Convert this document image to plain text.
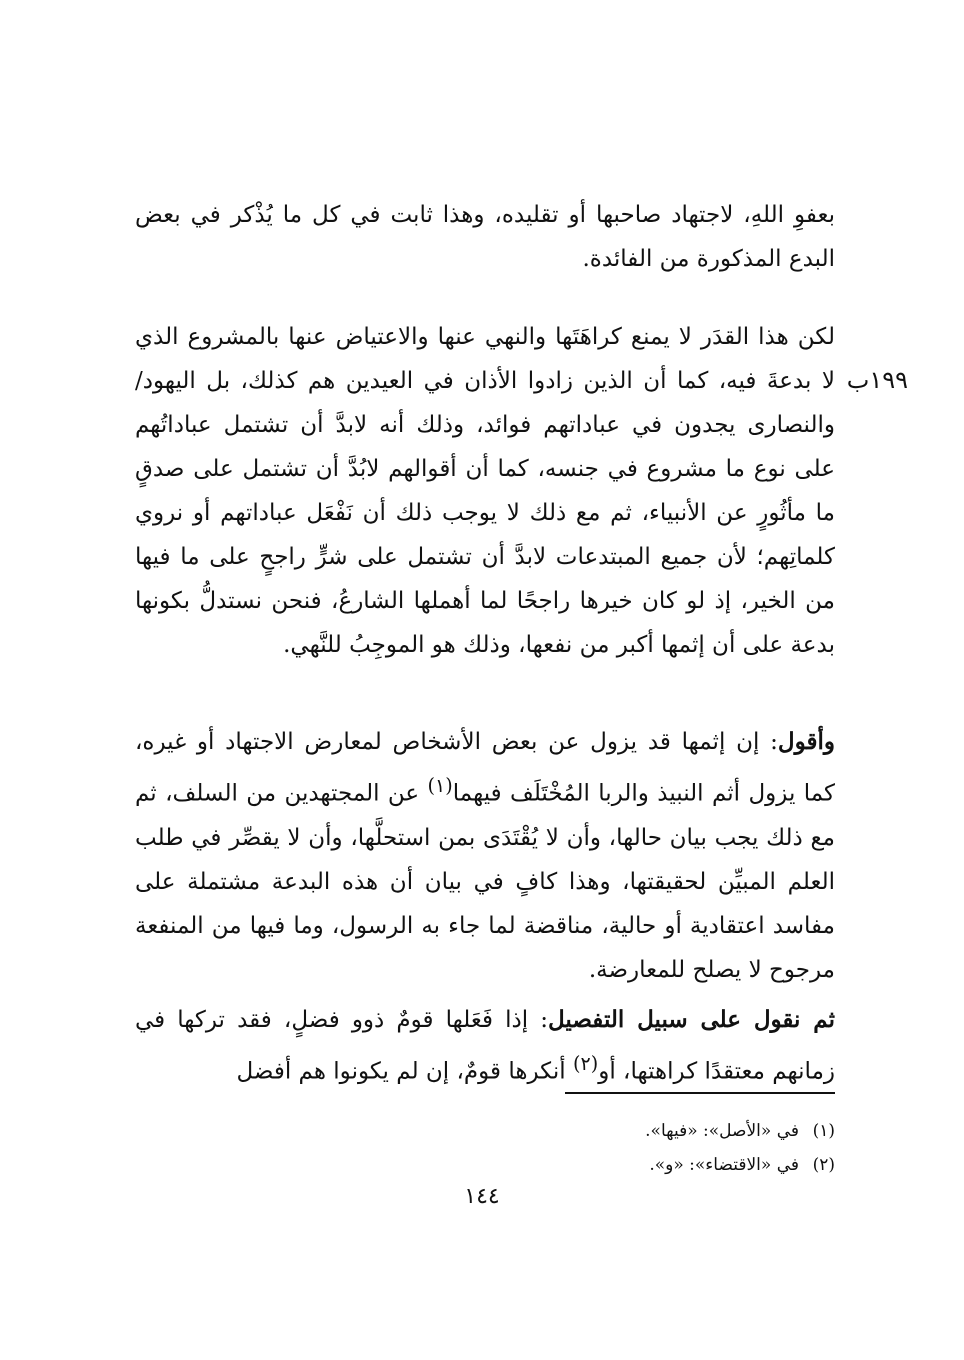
١٩٩ب

بعفوِ اللهِ، لاجتهاد صاحبها أو تقليده، وهذا ثابت في كل ما يُذْكر في بعض البدع المذكورة من الفائدة.

لكن هذا القدَر لا يمنع كراهَتَها والنهي عنها والاعتياض عنها بالمشروع الذي لا بدعةَ فيه، كما أن الذين زادوا الأذان في العيدين هم كذلك، بل اليهود/ والنصارى يجدون في عباداتهم فوائد، وذلك أنه لابدَّ أن تشتمل عباداتُهم على نوع ما مشروع في جنسه، كما أن أقوالهم لابُدَّ أن تشتمل على صدقٍ ما مأثُورٍ عن الأنبياء، ثم مع ذلك لا يوجب ذلك أن نَفْعَل عباداتهم أو نروي كلماتِهم؛ لأن جميع المبتدعات لابدَّ أن تشتمل على شرٍّ راجحٍ على ما فيها من الخير، إذ لو كان خيرها راجحًا لما أهملها الشارعُ، فنحن نستدلُّ بكونها بدعة على أن إثمها أكبر من نفعها، وذلك هو الموجِبُ للنَّهي.

وأقول: إن إثمها قد يزول عن بعض الأشخاص لمعارض الاجتهاد أو غيره، كما يزول أثم النبيذ والربا المُخْتَلَف فيهما$^{(١)}$ عن المجتهدين من السلف، ثم مع ذلك يجب بيان حالها، وأن لا يُقْتَدَى بمن استحلَّها، وأن لا يقصِّر في طلب العلم المبيِّن لحقيقتها، وهذا كافٍ في بيان أن هذه البدعة مشتملة على مفاسد اعتقادية أو حالية، مناقضة لما جاء به الرسول، وما فيها من المنفعة مرجوح لا يصلح للمعارضة.

ثم نقول على سبيل التفصيل: إذا فَعَلها قومٌ ذوو فضلٍ، فقد تركها في زمانهم معتقدًا كراهتها، أو$^{(٢)}$ أنكرها قومٌ، إن لم يكونوا هم أفضل

(١)في «الأصل»: «فيها».
(٢)في «الاقتضاء»: «و».
١٤٤
